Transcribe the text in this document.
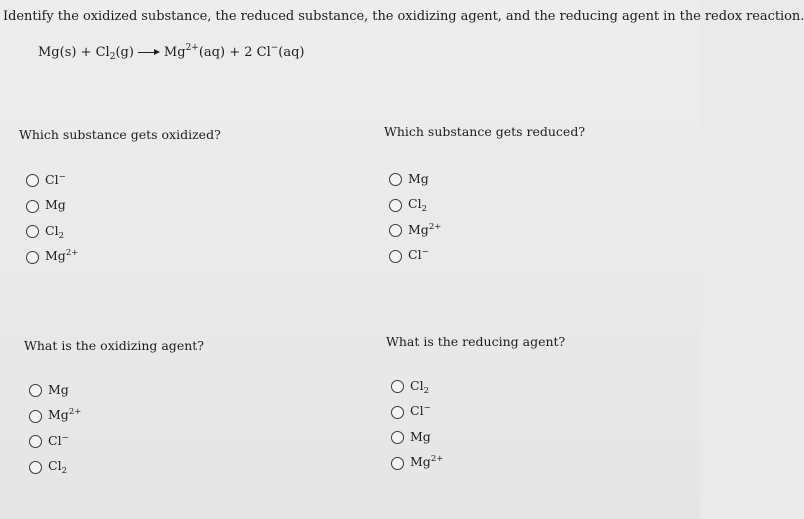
Identify the oxidized substance, the reduced substance, the oxidizing agent, and the reducing agent in the redox reaction.
$Mg(s) + Cl_2(g) Mg^{2+}(aq) + 2$ Cl−(aq)
Which substance gets oxidized?
Cl−
Mg
$Cl_2$
$Mg^{2+}$
Which substance gets reduced?
Mg
$Cl_2$
$Mg^{2+}$
Cl−
What is the oxidizing agent?
Mg
$Mg^{2+}$
Cl−
$Cl_2$
What is the reducing agent?
$Cl_2$
Cl−
Mg
$Mg^{2+}$
